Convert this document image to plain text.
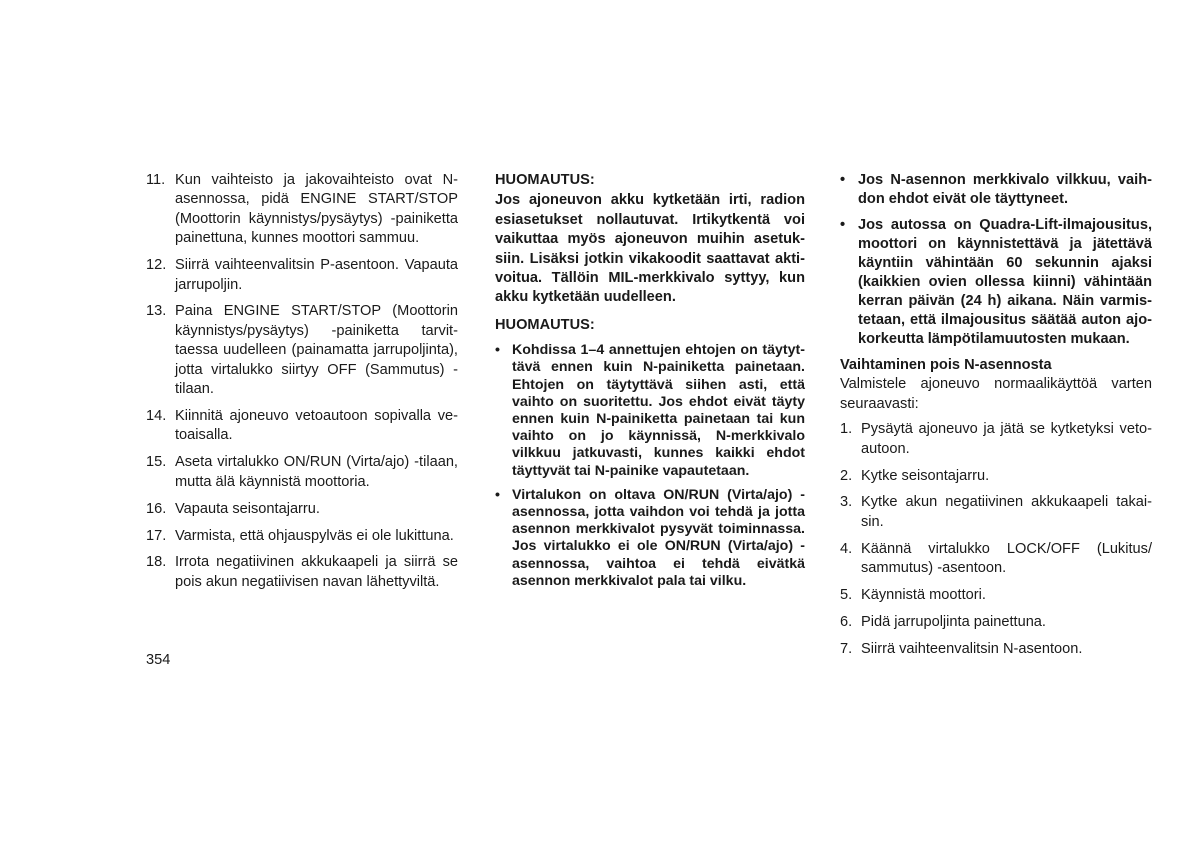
11. Kun vaihteisto ja jakovaihteisto ovat N-asennossa, pidä ENGINE START/STOP (Moottorin käynnistys/pysäytys) -painiketta painettuna, kunnes moottori sammuu.
12. Siirrä vaihteenvalitsin P-asentoon. Vapauta jarrupoljin.
13. Paina ENGINE START/STOP (Moottorin käynnistys/pysäytys) -painiketta tarvittaessa uudelleen (painamatta jarrupoljinta), jotta virtalukko siirtyy OFF (Sammutus) -tilaan.
14. Kiinnitä ajoneuvo vetoautoon sopivalla vetoaisalla.
15. Aseta virtalukko ON/RUN (Virta/ajo) -tilaan, mutta älä käynnistä moottoria.
16. Vapauta seisontajarru.
17. Varmista, että ohjauspylväs ei ole lukittuna.
18. Irrota negatiivinen akkukaapeli ja siirrä se pois akun negatiivisen navan lähettyviltä.
HUOMAUTUS:

Jos ajoneuvon akku kytketään irti, radion esiasetukset nollautuvat. Irtikytkentä voi vaikuttaa myös ajoneuvon muihin asetuksiin. Lisäksi jotkin vikakoodit saattavat aktivoitua. Tällöin MIL-merkkivalo syttyy, kun akku kytketään uudelleen.

HUOMAUTUS:
• Kohdissa 1–4 annettujen ehtojen on täytyttävä ennen kuin N-painiketta painetaan. Ehtojen on täytyttävä siihen asti, että vaihto on suoritettu. Jos ehdot eivät täyty ennen kuin N-painiketta painetaan tai kun vaihto on jo käynnissä, N-merkkivalo vilkkuu jatkuvasti, kunnes kaikki ehdot täyttyvät tai N-painike vapautetaan.
• Virtalukon on oltava ON/RUN (Virta/ajo) -asennossa, jotta vaihdon voi tehdä ja jotta asennon merkkivalot pysyvät toiminnassa. Jos virtalukko ei ole ON/RUN (Virta/ajo) -asennossa, vaihtoa ei tehdä eivätkä asennon merkkivalot pala tai vilku.
• Jos N-asennon merkkivalo vilkkuu, vaihdon ehdot eivät ole täyttyneet.
• Jos autossa on Quadra-Lift-ilmajousitus, moottori on käynnistettävä ja jätettävä käyntiin vähintään 60 sekunnin ajaksi (kaikkien ovien ollessa kiinni) vähintään kerran päivän (24 h) aikana. Näin varmistetaan, että ilmajousitus säätää auton ajokorkeutta lämpötilamuutosten mukaan.
Vaihtaminen pois N-asennosta

Valmistele ajoneuvo normaalikäyttöä varten seuraavasti:

1. Pysäytä ajoneuvo ja jätä se kytketyksi vetoautoon.
2. Kytke seisontajarru.
3. Kytke akun negatiivinen akkukaapeli takaisin.
4. Käännä virtalukko LOCK/OFF (Lukitus/ sammutus) -asentoon.
5. Käynnistä moottori.
6. Pidä jarrupoljinta painettuna.
7. Siirrä vaihteenvalitsin N-asentoon.
354
